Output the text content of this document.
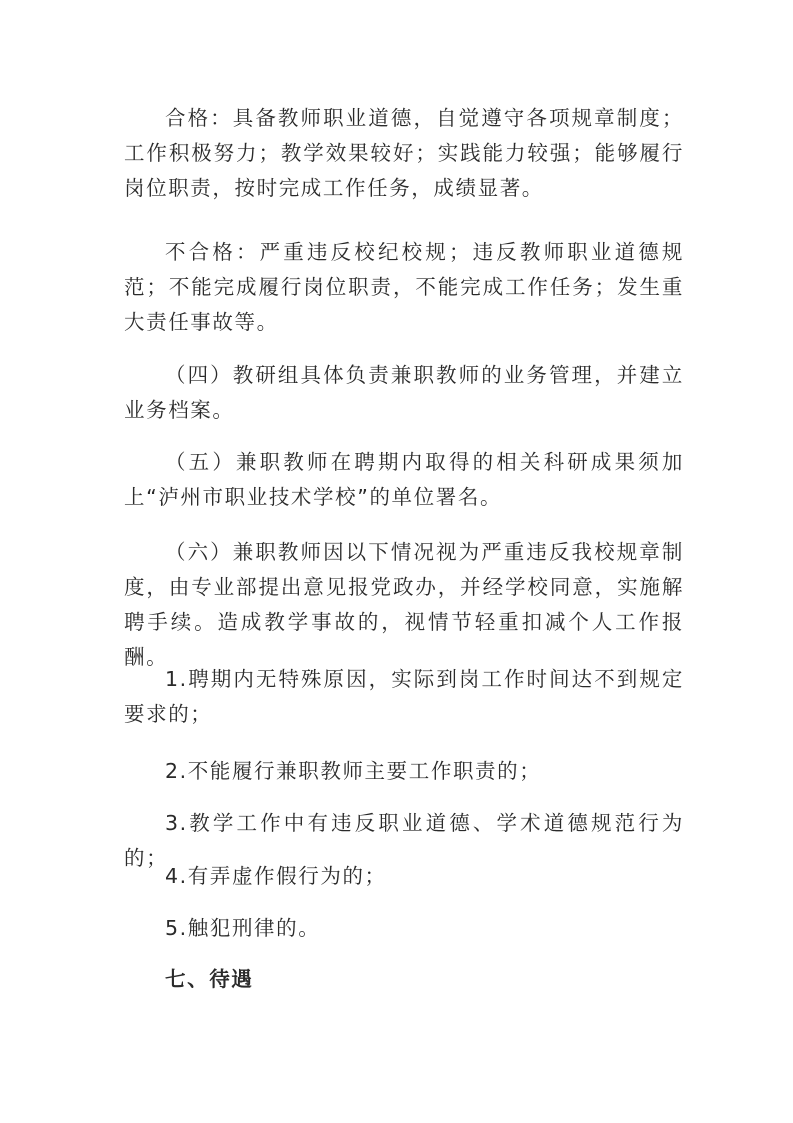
合格：具备教师职业道德，自觉遵守各项规章制度；工作积极努力；教学效果较好；实践能力较强；能够履行岗位职责，按时完成工作任务，成绩显著。

不合格：严重违反校纪校规；违反教师职业道德规范；不能完成履行岗位职责，不能完成工作任务；发生重大责任事故等。

（四）教研组具体负责兼职教师的业务管理，并建立业务档案。

（五）兼职教师在聘期内取得的相关科研成果须加上“泸州市职业技术学校”的单位署名。

（六）兼职教师因以下情况视为严重违反我校规章制度，由专业部提出意见报党政办，并经学校同意，实施解聘手续。造成教学事故的，视情节轻重扣减个人工作报酬。

1.聘期内无特殊原因，实际到岗工作时间达不到规定要求的；

2.不能履行兼职教师主要工作职责的；

3.教学工作中有违反职业道德、学术道德规范行为的；

4.有弄虚作假行为的；

5.触犯刑律的。

七、待遇
